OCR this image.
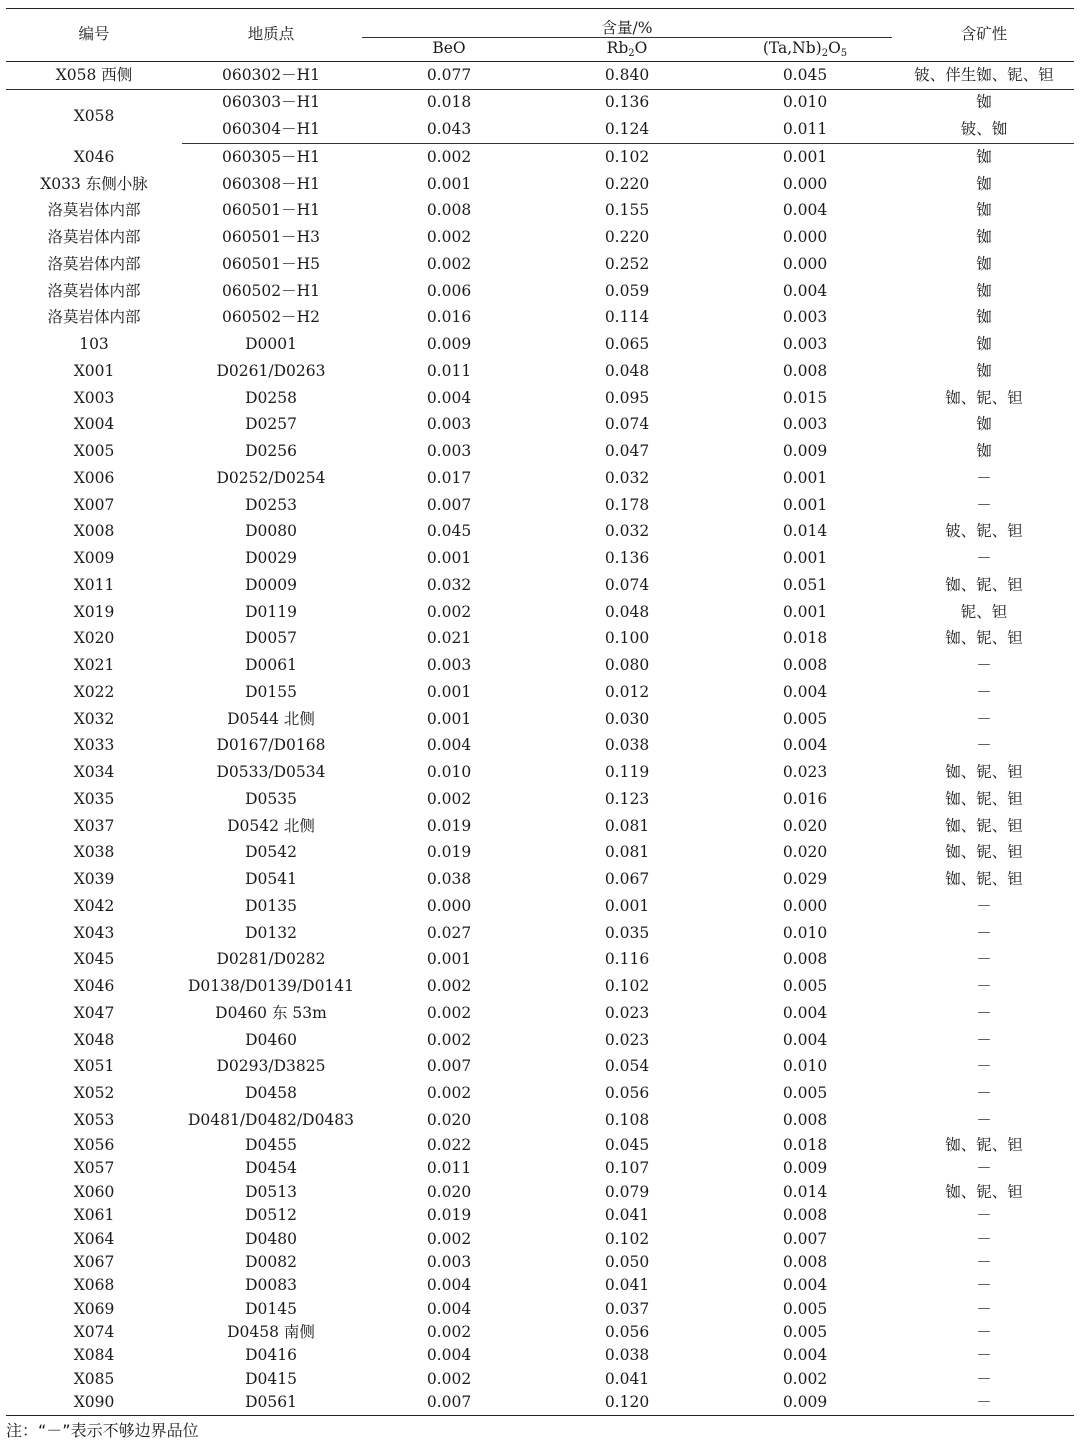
编号	地质点	含量/%			含矿性
		BeO	$Rb_2O$	$(Ta,Nb)_2O_5$
X058 西侧	060302－H1	0.077	0.840	0.045	铍、伴生铷、铌、钽
X058	060303－H1	0.018	0.136	0.010	铷
	060304－H1	0.043	0.124	0.011	铍、铷
X046	060305－H1	0.002	0.102	0.001	铷
X033 东侧小脉	060308－H1	0.001	0.220	0.000	铷
洛莫岩体内部	060501－H1	0.008	0.155	0.004	铷
洛莫岩体内部	060501－H3	0.002	0.220	0.000	铷
洛莫岩体内部	060501－H5	0.002	0.252	0.000	铷
洛莫岩体内部	060502－H1	0.006	0.059	0.004	铷
洛莫岩体内部	060502－H2	0.016	0.114	0.003	铷
103	D0001	0.009	0.065	0.003	铷
X001	D0261/D0263	0.011	0.048	0.008	铷
X003	D0258	0.004	0.095	0.015	铷、铌、钽
X004	D0257	0.003	0.074	0.003	铷
X005	D0256	0.003	0.047	0.009	铷
X006	D0252/D0254	0.017	0.032	0.001	－
X007	D0253	0.007	0.178	0.001	－
X008	D0080	0.045	0.032	0.014	铍、铌、钽
X009	D0029	0.001	0.136	0.001	－
X011	D0009	0.032	0.074	0.051	铷、铌、钽
X019	D0119	0.002	0.048	0.001	铌、钽
X020	D0057	0.021	0.100	0.018	铷、铌、钽
X021	D0061	0.003	0.080	0.008	－
X022	D0155	0.001	0.012	0.004	－
X032	D0544 北侧	0.001	0.030	0.005	－
X033	D0167/D0168	0.004	0.038	0.004	－
X034	D0533/D0534	0.010	0.119	0.023	铷、铌、钽
X035	D0535	0.002	0.123	0.016	铷、铌、钽
X037	D0542 北侧	0.019	0.081	0.020	铷、铌、钽
X038	D0542	0.019	0.081	0.020	铷、铌、钽
X039	D0541	0.038	0.067	0.029	铷、铌、钽
X042	D0135	0.000	0.001	0.000	－
X043	D0132	0.027	0.035	0.010	－
X045	D0281/D0282	0.001	0.116	0.008	－
X046	D0138/D0139/D0141	0.002	0.102	0.005	－
X047	D0460 东 53m	0.002	0.023	0.004	－
X048	D0460	0.002	0.023	0.004	－
X051	D0293/D3825	0.007	0.054	0.010	－
X052	D0458	0.002	0.056	0.005	－
X053	D0481/D0482/D0483	0.020	0.108	0.008	－
X056	D0455	0.022	0.045	0.018	铷、铌、钽
X057	D0454	0.011	0.107	0.009	－
X060	D0513	0.020	0.079	0.014	铷、铌、钽
X061	D0512	0.019	0.041	0.008	－
X064	D0480	0.002	0.102	0.007	－
X067	D0082	0.003	0.050	0.008	－
X068	D0083	0.004	0.041	0.004	－
X069	D0145	0.004	0.037	0.005	－
X074	D0458 南侧	0.002	0.056	0.005	－
X084	D0416	0.004	0.038	0.004	－
X085	D0415	0.002	0.041	0.002	－
X090	D0561	0.007	0.120	0.009	－
注：“－”表示不够边界品位
